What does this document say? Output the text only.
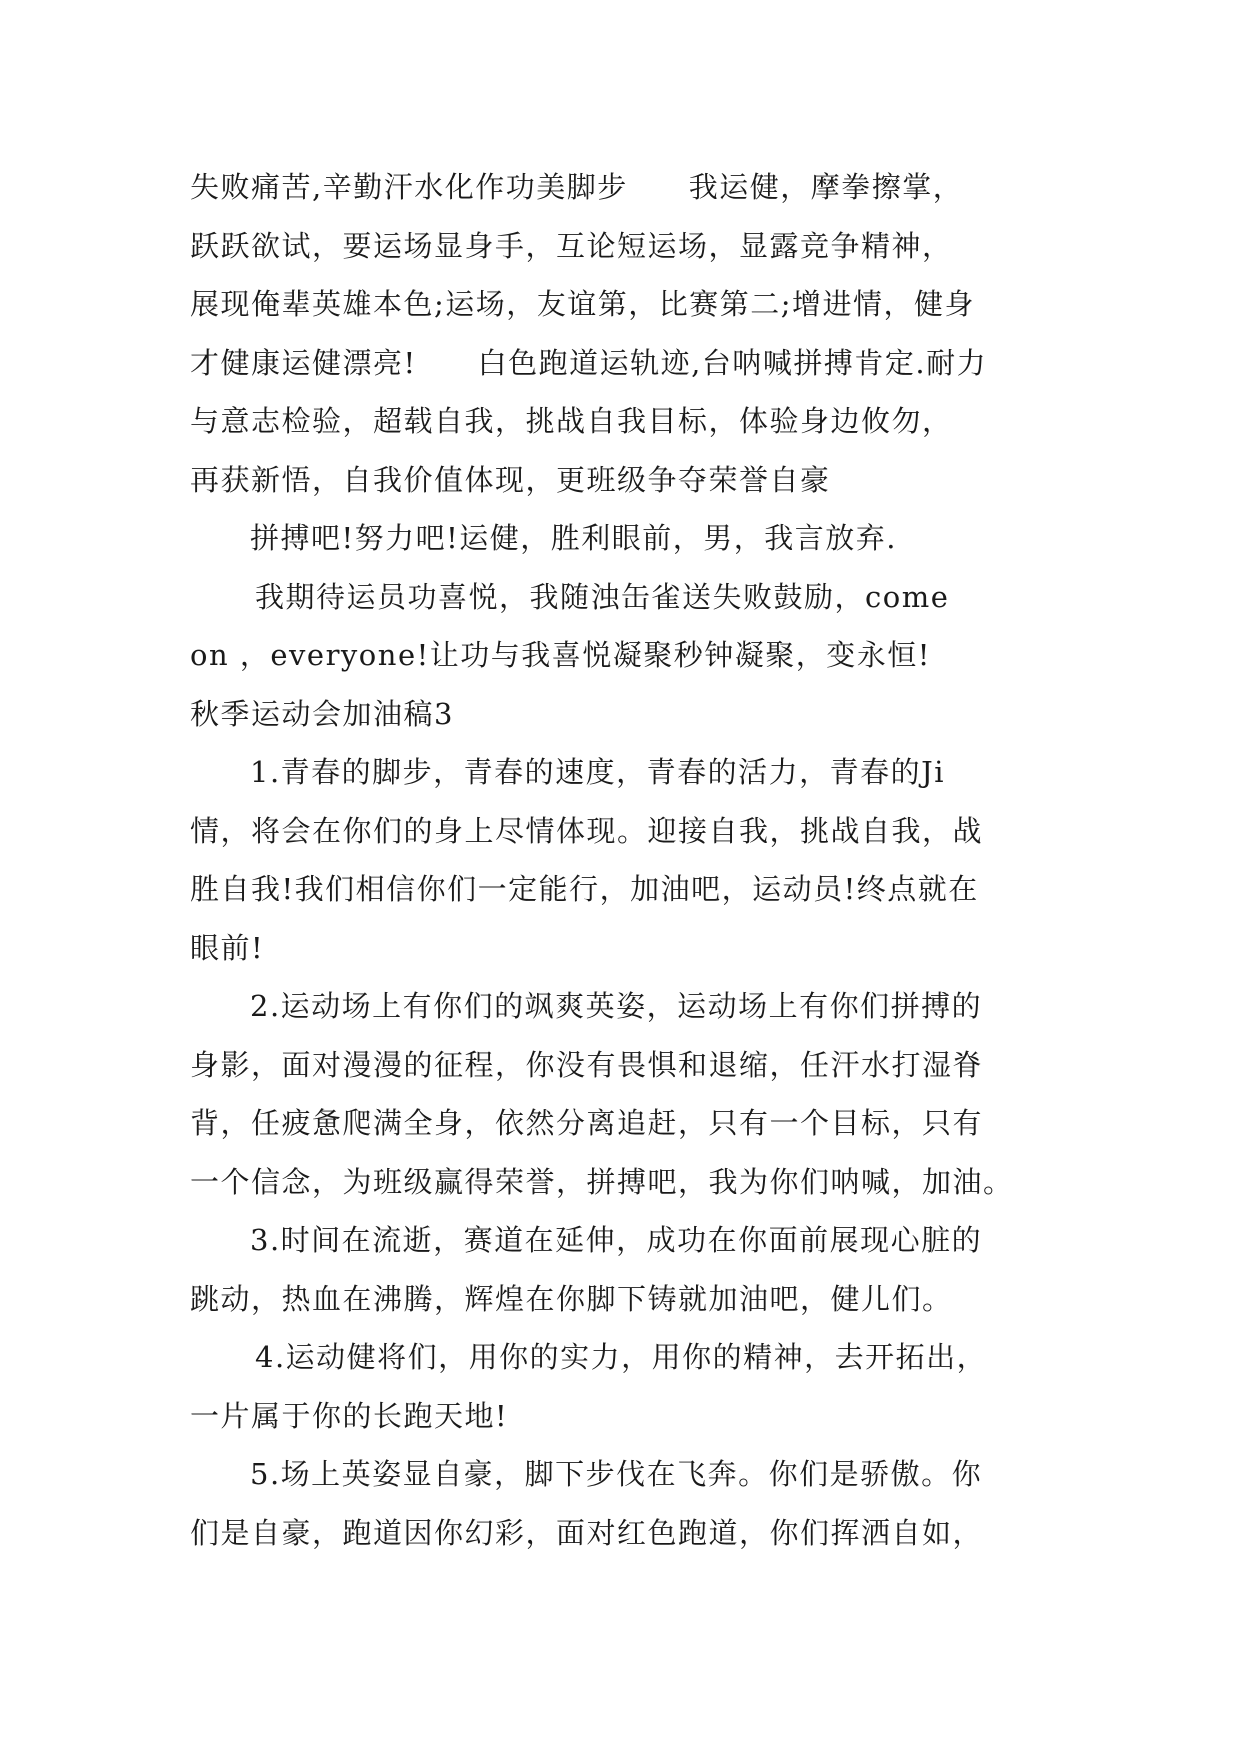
失败痛苦,辛勤汗水化作功美脚步　　我运健，摩拳擦掌，
跃跃欲试，要运场显身手，互论短运场，显露竞争精神，
展现俺辈英雄本色;运场，友谊第，比赛第二;增进情，健身
才健康运健漂亮!　　白色跑道运轨迹,台呐喊拼搏肯定.耐力
与意志检验，超载自我，挑战自我目标，体验身边攸勿，
再获新悟，自我价值体现，更班级争夺荣誉自豪
拼搏吧!努力吧!运健，胜利眼前，男，我言放弃.
我期待运员功喜悦，我随浊缶雀送失败鼓励，come
on ，everyone!让功与我喜悦凝聚秒钟凝聚，变永恒!
秋季运动会加油稿3
1.青春的脚步，青春的速度，青春的活力，青春的Ji
情，将会在你们的身上尽情体现。迎接自我，挑战自我，战
胜自我!我们相信你们一定能行，加油吧，运动员!终点就在
眼前!
2.运动场上有你们的飒爽英姿，运动场上有你们拼搏的
身影，面对漫漫的征程，你没有畏惧和退缩，任汗水打湿脊
背，任疲惫爬满全身，依然分离追赶，只有一个目标，只有
一个信念，为班级赢得荣誉，拼搏吧，我为你们呐喊，加油。
3.时间在流逝，赛道在延伸，成功在你面前展现心脏的
跳动，热血在沸腾，辉煌在你脚下铸就加油吧，健儿们。
4.运动健将们，用你的实力，用你的精神，去开拓出，
一片属于你的长跑天地!
5.场上英姿显自豪，脚下步伐在飞奔。你们是骄傲。你
们是自豪，跑道因你幻彩，面对红色跑道，你们挥洒自如，
